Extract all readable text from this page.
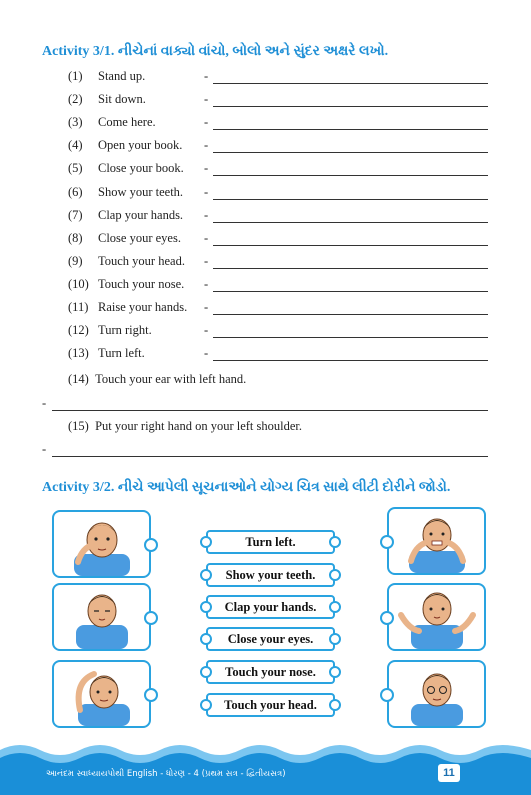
Activity 3/1. નીચેનાં વાક્યો વાંચો, બોલો અને સુંદર અક્ષરે લખો.
(1) Stand up.	-
(2) Sit down.	-
(3) Come here.	-
(4) Open your book. -
(5) Close your book. -
(6) Show your teeth. -
(7) Clap your hands. -
(8) Close your eyes. -
(9) Touch your head. -
(10) Touch your nose. -
(11) Raise your hands. -
(12) Turn right.	-
(13) Turn left.	-
(14) Touch your ear with left hand.
-
(15) Put your right hand on your left shoulder.
-
Activity 3/2. નીચે આપેલી સૂચનાઓને યોગ્ય ચિત્ર સાથે લીટી દોરીને જોડો.
Turn left.
Show your teeth.
Clap your hands.
Close your eyes.
Touch your nose.
Touch your head.
આનંદમ સ્વાધ્યાયપોથી English - ધોરણ - 4 (પ્રથમ સત્ર - દ્વિતીયસત્ર)	11
